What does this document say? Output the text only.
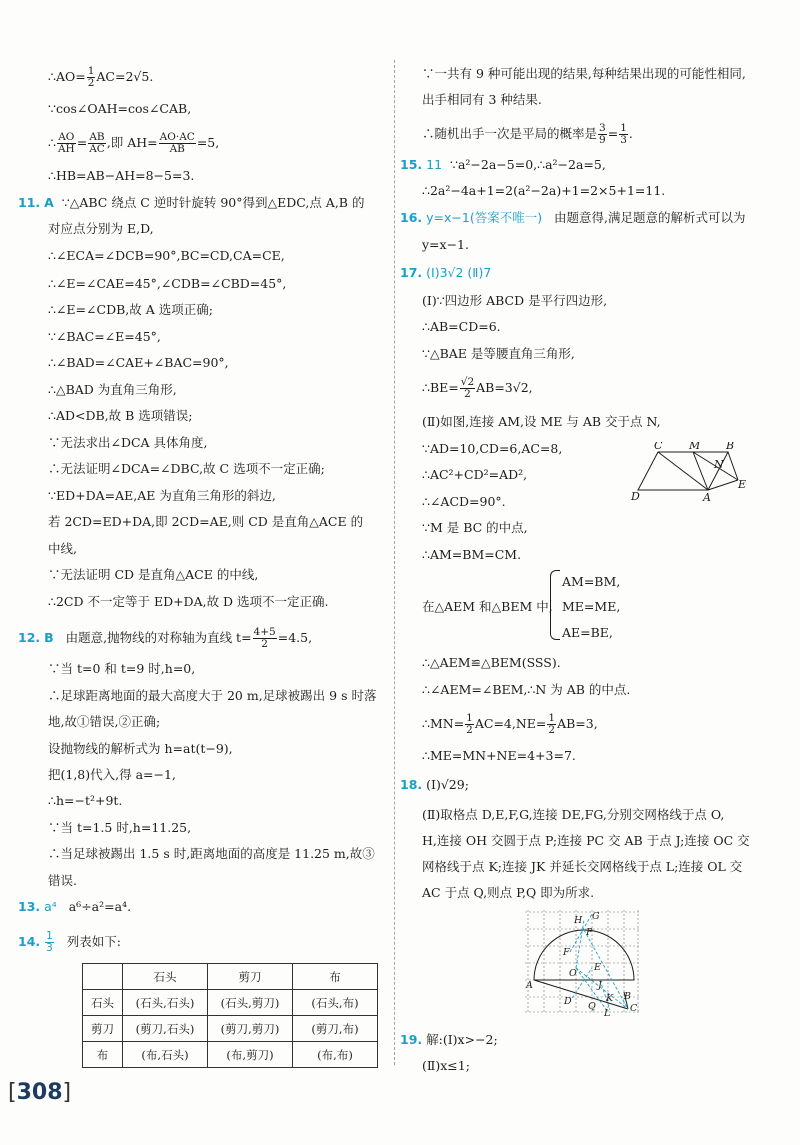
∴AO= $\frac{1}{2} AC=2√5$.
∵cos∠OAH=cos∠CAB,
∴ $\frac{AO}{AH} = \frac{AB}{AC}$ ,即 $AH= \frac{AO\cdot AC}{AB} =5$,
∴HB=AB−AH=8−5=3.
11. A ∵△ABC 绕点 C 逆时针旋转 90°得到△EDC,点 A,B 的
对应点分别为 E,D,
∴∠ECA=∠DCB=90°,BC=CD,CA=CE,
∴∠E=∠CAE=45°,∠CDB=∠CBD=45°,
∴∠E=∠CDB,故 A 选项正确;
∵∠BAC=∠E=45°,
∴∠BAD=∠CAE+∠BAC=90°,
∴△BAD 为直角三角形,
∴AD<DB,故 B 选项错误;
∵无法求出∠DCA 具体角度,
∴无法证明∠DCA=∠DBC,故 C 选项不一定正确;
∵ED+DA=AE,AE 为直角三角形的斜边,
若 2CD=ED+DA,即 2CD=AE,则 CD 是直角△ACE 的
中线,
∵无法证明 CD 是直角△ACE 的中线,
∴2CD 不一定等于 ED+DA,故 D 选项不一定正确.
12. B 由题意,抛物线的对称轴为直线 $t= \frac{4+5}{2} =4.5$,
∵当 t=0 和 t=9 时,h=0,
∴足球距离地面的最大高度大于 20 m,足球被踢出 9 s 时落
地,故①错误,②正确;
设抛物线的解析式为 h=at(t−9),
把(1,8)代入,得 a=−1,
∴h=−t²+9t.
∵当 t=1.5 时,h=11.25,
∴当足球被踢出 1.5 s 时,距离地面的高度是 11.25 m,故③
错误.
13. a⁴ a⁶÷a²=a⁴.
14. $\frac{1}{3}$ 列表如下:
	石头	剪刀	布
石头	(石头,石头)	(石头,剪刀)	(石头,布)
剪刀	(剪刀,石头)	(剪刀,剪刀)	(剪刀,布)
布	(布,石头)	(布,剪刀)	(布,布)
∵一共有 9 种可能出现的结果,每种结果出现的可能性相同,
出手相同有 3 种结果.
∴随机出手一次是平局的概率是 $\frac{3}{9} = \frac{1}{3}$ .
15. 11 ∵a²−2a−5=0,∴a²−2a=5,
∴2a²−4a+1=2(a²−2a)+1=2×5+1=11.
16. y=x−1(答案不唯一) 由题意得,满足题意的解析式可以为
y=x−1.
17. (Ⅰ)3√2 (Ⅱ)7
(Ⅰ)∵四边形 ABCD 是平行四边形,
∴AB=CD=6.
∵△BAE 是等腰直角三角形,
∴BE= $\frac{√2}{2} AB=3√2$,
(Ⅱ)如图,连接 AM,设 ME 与 AB 交于点 N,
∵AD=10,CD=6,AC=8,
∴AC²+CD²=AD²,
∴∠ACD=90°.
∵M 是 BC 的中点,
∴AM=BM=CM.
在△AEM 和△BEM 中,
AM=BM,
ME=ME,
AE=BE,
∴△AEM≌△BEM(SSS).
∴∠AEM=∠BEM,∴N 为 AB 的中点.
∴MN= $\frac{1}{2} AC=4,NE= \frac{1}{2} AB=3$,
∴ME=MN+NE=4+3=7.
18. (Ⅰ)√29;
(Ⅱ)取格点 D,E,F,G,连接 DE,FG,分别交网格线于点 O,
H,连接 OH 交圆于点 P;连接 PC 交 AB 于点 J;连接 OC 交
网格线于点 K;连接 JK 并延长交网格线于点 L;连接 OL 交
AC 于点 Q,则点 P,Q 即为所求.
19. 解:(Ⅰ)x>−2;
(Ⅱ)x≤1;
C M B
N
E
D	A
H G
P
F
O
E
J
K
A
D Q
L
B
C
[308]
